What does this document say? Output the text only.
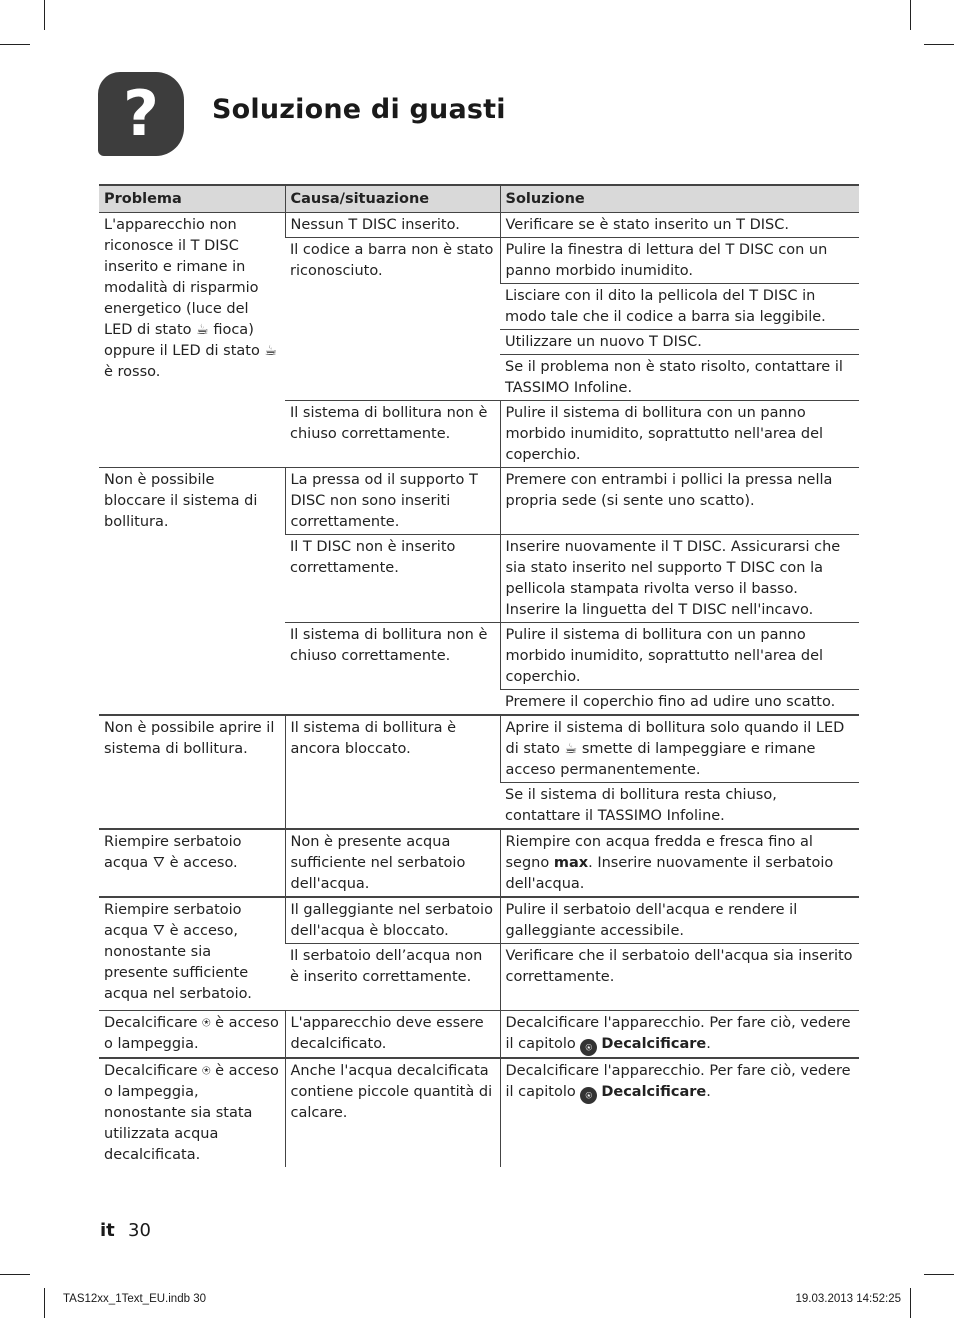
?	Soluzione di guasti
Problema	Causa/situazione	Soluzione
L'apparecchio non riconosce il T DISC inserito e rimane in modalità di risparmio energetico (luce del LED di stato ☕ fioca) oppure il LED di stato ☕ è rosso.	Nessun T DISC inserito.	Verificare se è stato inserito un T DISC.
	Il codice a barra non è stato riconosciuto.	Pulire la finestra di lettura del T DISC con un panno morbido inumidito.
		Lisciare con il dito la pellicola del T DISC in modo tale che il codice a barra sia leggibile.
		Utilizzare un nuovo T DISC.
		Se il problema non è stato risolto, contattare il TASSIMO Infoline.
	Il sistema di bollitura non è chiuso correttamente.	Pulire il sistema di bollitura con un panno morbido inumidito, soprattutto nell'area del coperchio.
Non è possibile bloccare il sistema di bollitura.	La pressa od il supporto T DISC non sono inseriti correttamente.	Premere con entrambi i pollici la pressa nella propria sede (si sente uno scatto).
	Il T DISC non è inserito correttamente.	Inserire nuovamente il T DISC. Assicurarsi che sia stato inserito nel supporto T DISC con la pellicola stampata rivolta verso il basso. Inserire la linguetta del T DISC nell'incavo.
	Il sistema di bollitura non è chiuso correttamente.	Pulire il sistema di bollitura con un panno morbido inumidito, soprattutto nell'area del coperchio.
		Premere il coperchio fino ad udire uno scatto.
Non è possibile aprire il sistema di bollitura.	Il sistema di bollitura è ancora bloccato.	Aprire il sistema di bollitura solo quando il LED di stato ☕ smette di lampeggiare e rimane acceso permanentemente.
		Se il sistema di bollitura resta chiuso, contattare il TASSIMO Infoline.
Riempire serbatoio acqua 🜄 è acceso.	Non è presente acqua sufficiente nel serbatoio dell'acqua.	Riempire con acqua fredda e fresca fino al segno max. Inserire nuovamente il serbatoio dell'acqua.
Riempire serbatoio acqua 🜄 è acceso, nonostante sia presente sufficiente acqua nel serbatoio.	Il galleggiante nel serbatoio dell'acqua è bloccato.	Pulire il serbatoio dell'acqua e rendere il galleggiante accessibile.
	Il serbatoio dell’acqua non è inserito correttamente.	Verificare che il serbatoio dell'acqua sia inserito correttamente.
Decalcificare ⍟ è acceso o lampeggia.	L'apparecchio deve essere decalcificato.	Decalcificare l'apparecchio. Per fare ciò, vedere il capitolo ⍟ Decalcificare.
Decalcificare ⍟ è acceso o lampeggia, nonostante sia stata utilizzata acqua decalcificata.	Anche l'acqua decalcificata contiene piccole quantità di calcare.	Decalcificare l'apparecchio. Per fare ciò, vedere il capitolo ⍟ Decalcificare.
it 30
TAS12xx_1Text_EU.indb 30	19.03.2013 14:52:25
